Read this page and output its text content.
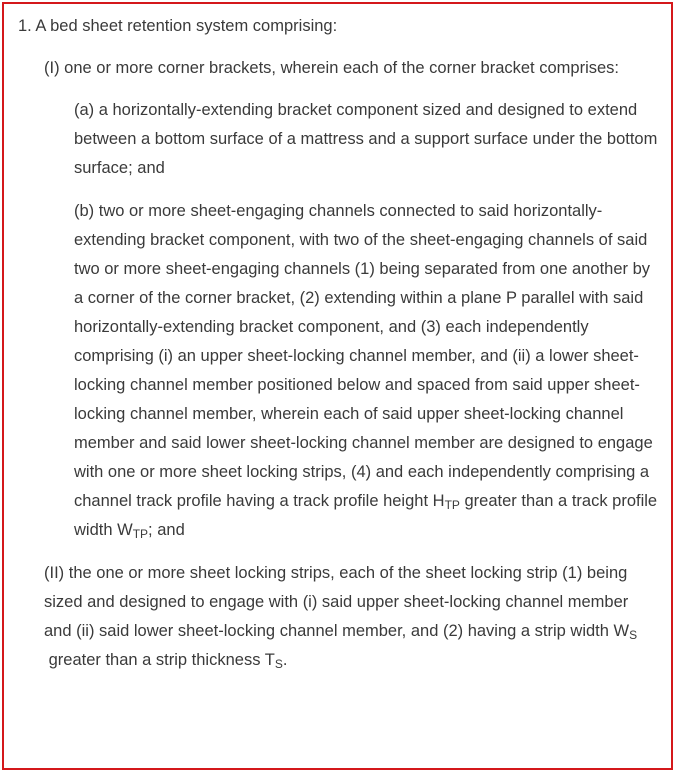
1. A bed sheet retention system comprising:

(I) one or more corner brackets, wherein each of the corner bracket comprises:

(a) a horizontally-extending bracket component sized and designed to extend between a bottom surface of a mattress and a support surface under the bottom surface; and

(b) two or more sheet-engaging channels connected to said horizontally-extending bracket component, with two of the sheet-engaging channels of said two or more sheet-engaging channels (1) being separated from one another by a corner of the corner bracket, (2) extending within a plane P parallel with said horizontally-extending bracket component, and (3) each independently comprising (i) an upper sheet-locking channel member, and (ii) a lower sheet-locking channel member positioned below and spaced from said upper sheet-locking channel member, wherein each of said upper sheet-locking channel member and said lower sheet-locking channel member are designed to engage with one or more sheet locking strips, (4) and each independently comprising a channel track profile having a track profile height $H_{TP}$ greater than a track profile width $W_{TP}$; and

(II) the one or more sheet locking strips, each of the sheet locking strip (1) being sized and designed to engage with (i) said upper sheet-locking channel member and (ii) said lower sheet-locking channel member, and (2) having a strip width $W_S$ greater than a strip thickness $T_S$.
